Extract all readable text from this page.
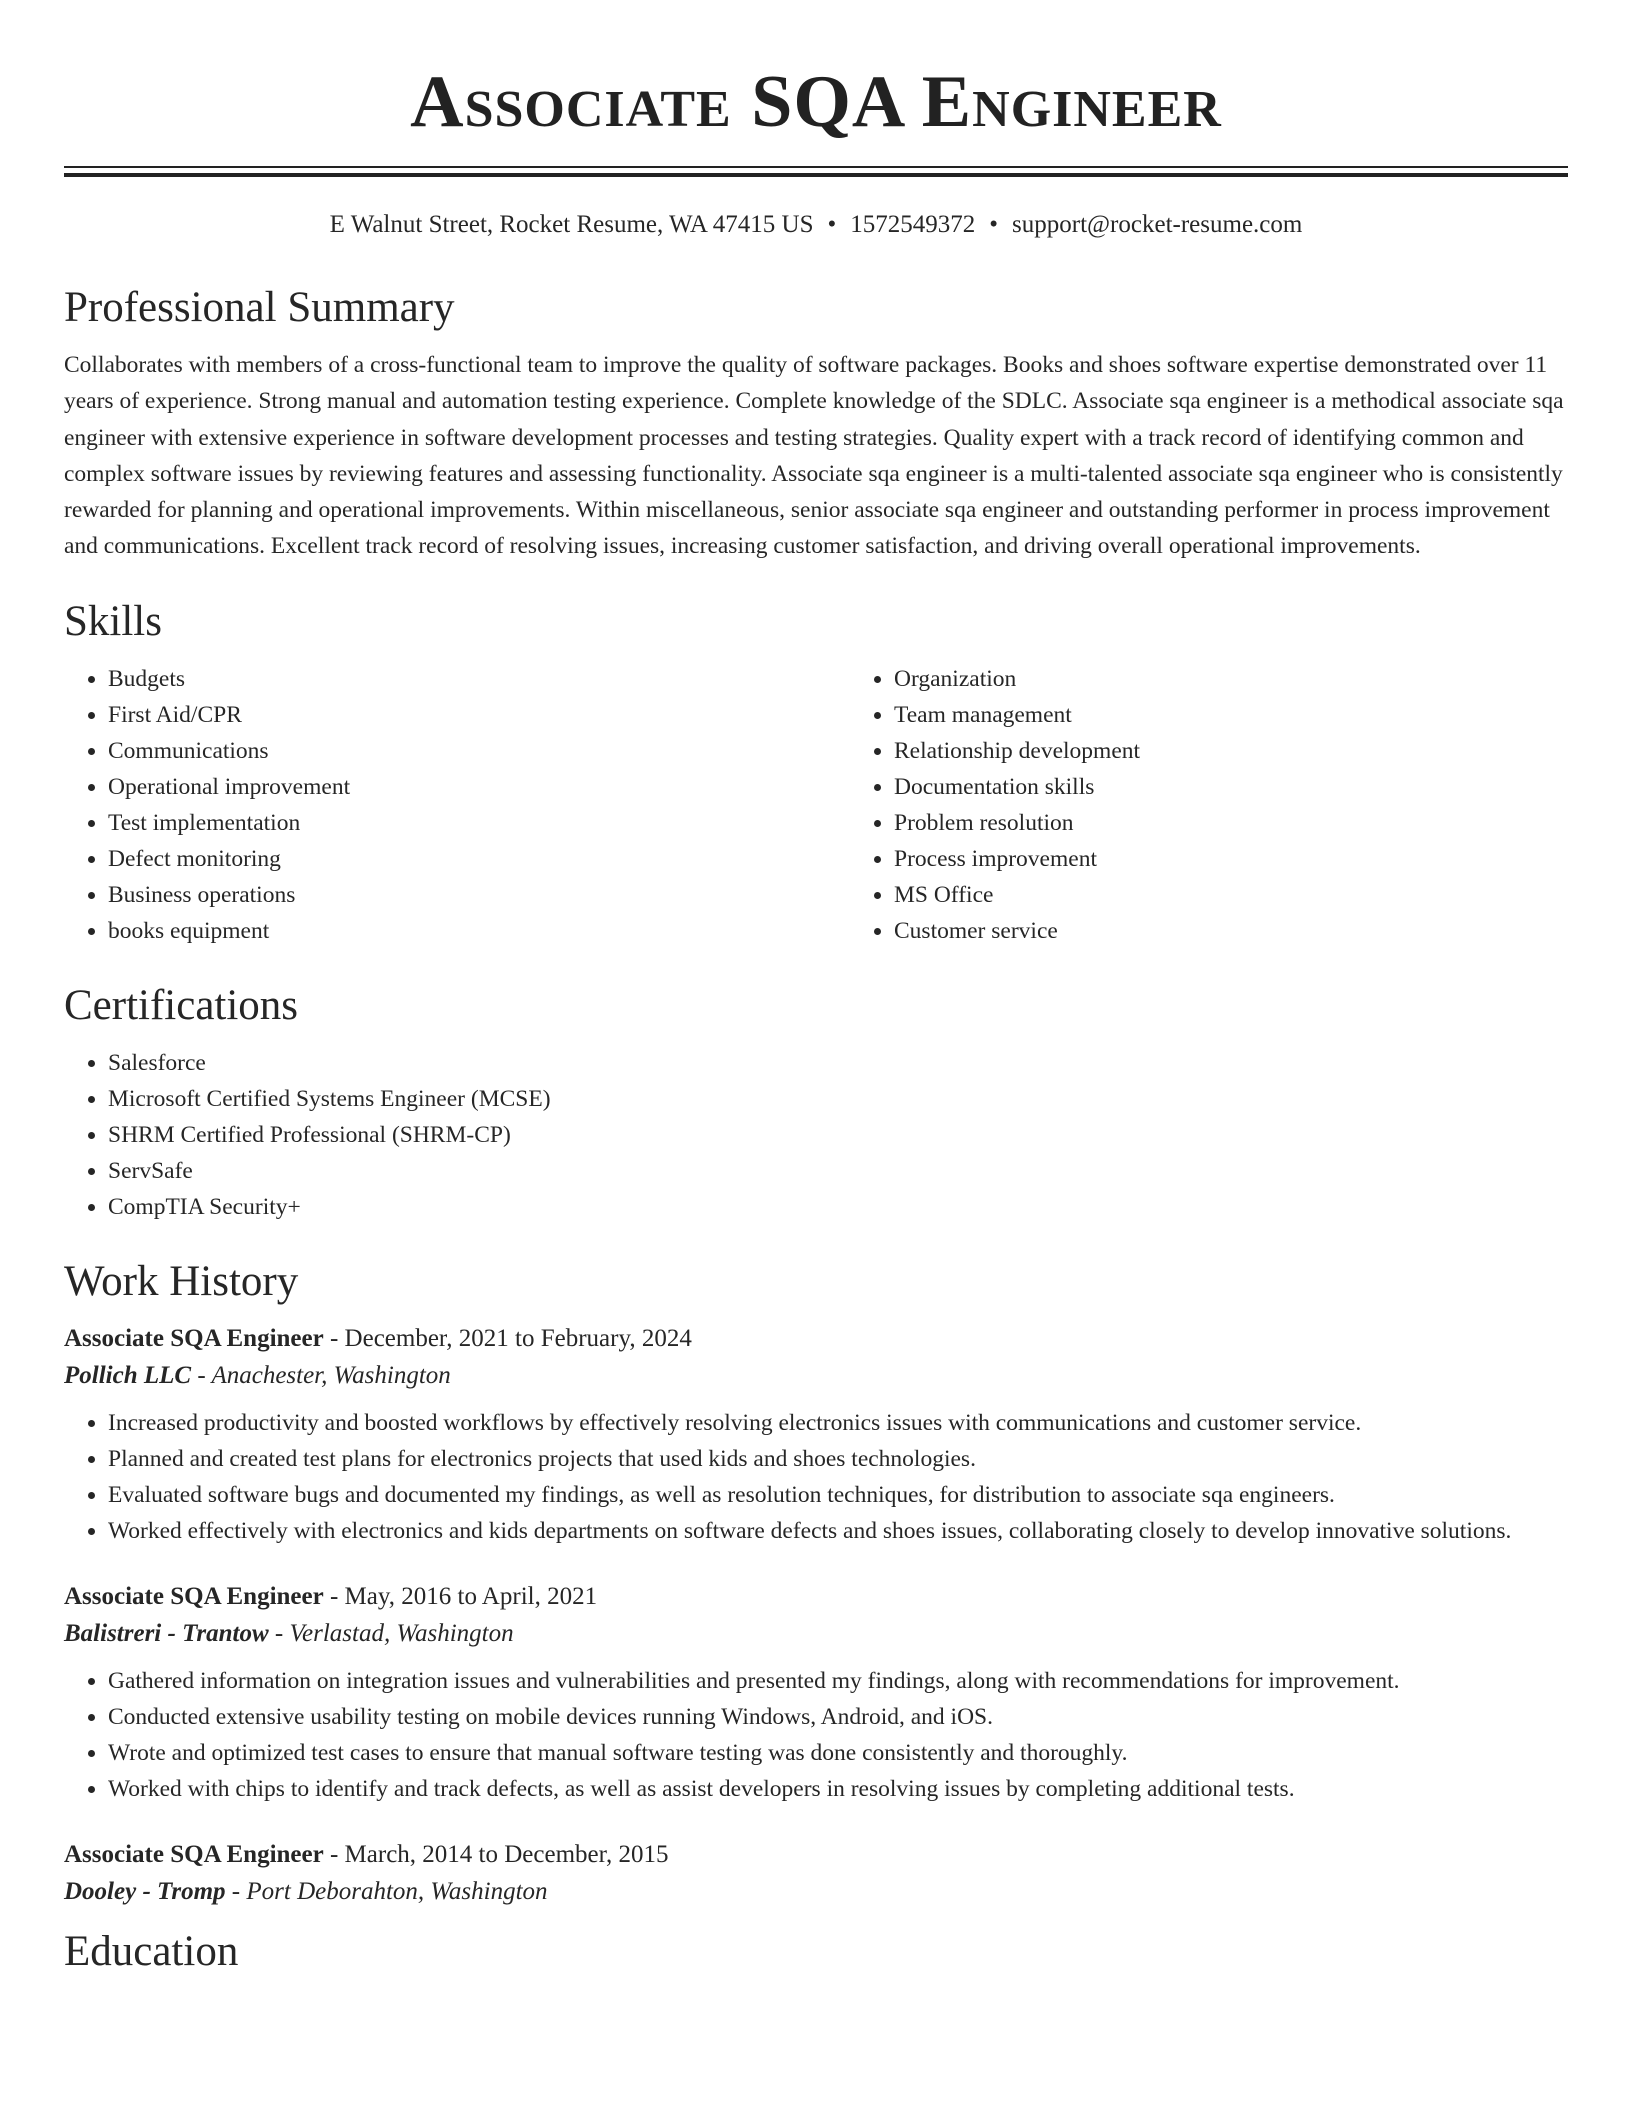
Associate SQA Engineer
E Walnut Street, Rocket Resume, WA 47415 US • 1572549372 • support@rocket-resume.com
Professional Summary

Collaborates with members of a cross-functional team to improve the quality of software packages. Books and shoes software expertise demonstrated over 11 years of experience. Strong manual and automation testing experience. Complete knowledge of the SDLC. Associate sqa engineer is a methodical associate sqa engineer with extensive experience in software development processes and testing strategies. Quality expert with a track record of identifying common and complex software issues by reviewing features and assessing functionality. Associate sqa engineer is a multi-talented associate sqa engineer who is consistently rewarded for planning and operational improvements. Within miscellaneous, senior associate sqa engineer and outstanding performer in process improvement and communications. Excellent track record of resolving issues, increasing customer satisfaction, and driving overall operational improvements.

Skills
• Budgets
• First Aid/CPR
• Communications
• Operational improvement
• Test implementation
• Defect monitoring
• Business operations
• books equipment
• Organization
• Team management
• Relationship development
• Documentation skills
• Problem resolution
• Process improvement
• MS Office
• Customer service
Certifications
• Salesforce
• Microsoft Certified Systems Engineer (MCSE)
• SHRM Certified Professional (SHRM-CP)
• ServSafe
• CompTIA Security+
Work History
Associate SQA Engineer - December, 2021 to February, 2024
Pollich LLC - Anachester, Washington
• Increased productivity and boosted workflows by effectively resolving electronics issues with communications and customer service.
• Planned and created test plans for electronics projects that used kids and shoes technologies.
• Evaluated software bugs and documented my findings, as well as resolution techniques, for distribution to associate sqa engineers.
• Worked effectively with electronics and kids departments on software defects and shoes issues, collaborating closely to develop innovative solutions.
Associate SQA Engineer - May, 2016 to April, 2021
Balistreri - Trantow - Verlastad, Washington
• Gathered information on integration issues and vulnerabilities and presented my findings, along with recommendations for improvement.
• Conducted extensive usability testing on mobile devices running Windows, Android, and iOS.
• Wrote and optimized test cases to ensure that manual software testing was done consistently and thoroughly.
• Worked with chips to identify and track defects, as well as assist developers in resolving issues by completing additional tests.
Associate SQA Engineer - March, 2014 to December, 2015
Dooley - Tromp - Port Deborahton, Washington
Education
